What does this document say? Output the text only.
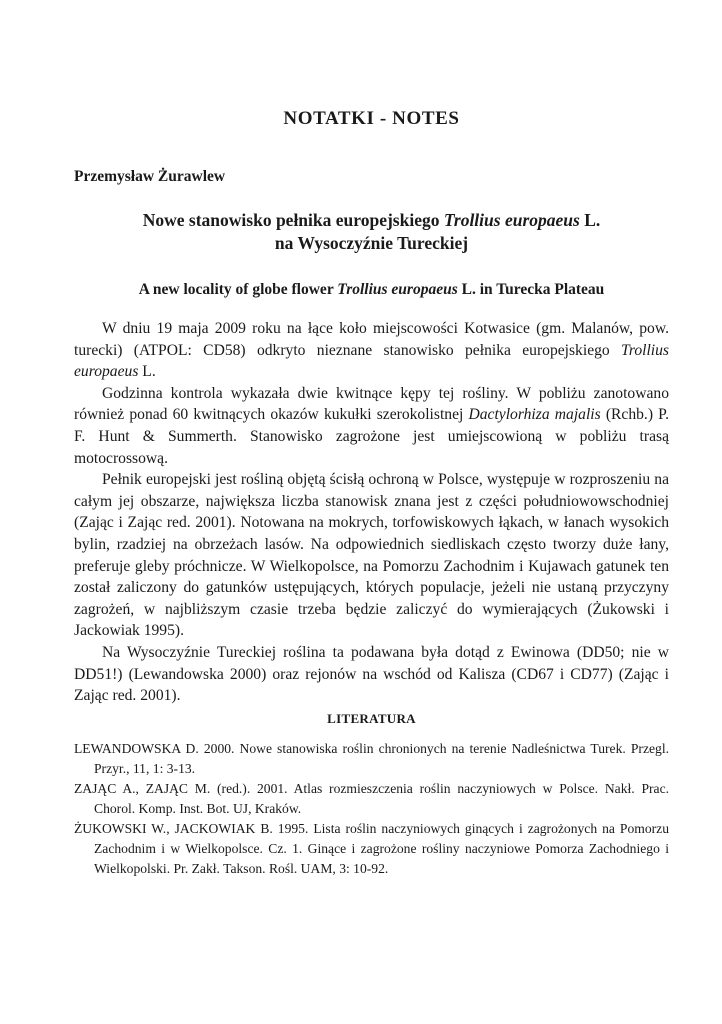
NOTATKI - NOTES
Przemysław Żurawlew
Nowe stanowisko pełnika europejskiego Trollius europaeus L.
na Wysoczyźnie Tureckiej
A new locality of globe flower Trollius europaeus L. in Turecka Plateau

W dniu 19 maja 2009 roku na łące koło miejscowości Kotwasice (gm. Malanów, pow. turecki) (ATPOL: CD58) odkryto nieznane stanowisko pełnika europejskiego Trollius europaeus L.

Godzinna kontrola wykazała dwie kwitnące kępy tej rośliny. W pobliżu zanotowano również ponad 60 kwitnących okazów kukułki szerokolistnej Dactylorhiza majalis (Rchb.) P. F. Hunt & Summerth. Stanowisko zagrożone jest umiejscowioną w pobliżu trasą motocrossową.

Pełnik europejski jest rośliną objętą ścisłą ochroną w Polsce, występuje w rozproszeniu na całym jej obszarze, największa liczba stanowisk znana jest z części południowowschodniej (Zając i Zając red. 2001). Notowana na mokrych, torfowiskowych łąkach, w łanach wysokich bylin, rzadziej na obrzeżach lasów. Na odpowiednich siedliskach często tworzy duże łany, preferuje gleby próchnicze. W Wielkopolsce, na Pomorzu Zachodnim i Kujawach gatunek ten został zaliczony do gatunków ustępujących, których populacje, jeżeli nie ustaną przyczyny zagrożeń, w najbliższym czasie trzeba będzie zaliczyć do wymierających (Żukowski i Jackowiak 1995).

Na Wysoczyźnie Tureckiej roślina ta podawana była dotąd z Ewinowa (DD50; nie w DD51!) (Lewandowska 2000) oraz rejonów na wschód od Kalisza (CD67 i CD77) (Zając i Zając red. 2001).

LITERATURA

LEWANDOWSKA D. 2000. Nowe stanowiska roślin chronionych na terenie Nadleśnictwa Turek. Przegl. Przyr., 11, 1: 3-13.

ZAJĄC A., ZAJĄC M. (red.). 2001. Atlas rozmieszczenia roślin naczyniowych w Polsce. Nakł. Prac. Chorol. Komp. Inst. Bot. UJ, Kraków.

ŻUKOWSKI W., JACKOWIAK B. 1995. Lista roślin naczyniowych ginących i zagrożonych na Pomorzu Zachodnim i w Wielkopolsce. Cz. 1. Ginące i zagrożone rośliny naczyniowe Pomorza Zachodniego i Wielkopolski. Pr. Zakł. Takson. Rośl. UAM, 3: 10-92.
